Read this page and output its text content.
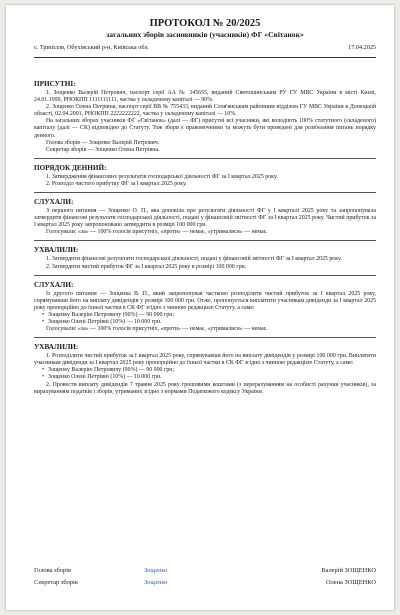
ПРОТОКОЛ № 20/2025
загальних зборів засновників (учасників) ФГ «Світанок»
с. Трипілля, Обухівський р-н, Київська обл.	17.04.2025
ПРИСУТНІ:

1. Зощенко Валерій Петрович, паспорт серії АА № 345655, виданий Святошинським РУ ГУ МВС України в місті Києві, 24.01.1999, РНОКПП 1111111111, частка у складеному капіталі — 90%.

2. Зощенко Олена Петрівна, паспорт серії ВВ № 755433, виданий Слов'янським районним відділом ГУ МВС України в Донецькій області, 02.04.2001, РНОКПП 2222222222, частка у складеному капіталі — 10%.

На загальних зборах учасників ФГ «Світанок» (далі — ФГ) присутні всі учасники, які володіють 100% статутного (складеного) капіталу (далі — СК) відповідно до Статуту. Тож збори є правомочними та можуть бути проведені для розв'язання питань порядку денного.

Голова зборів — Зощенко Валерій Петрович.

Секретар зборів — Зощенко Олена Петрівна.

ПОРЯДОК ДЕННИЙ:

1. Затвердження фінансових результатів господарської діяльності ФГ за I квартал 2025 року.

2. Розподіл чистого прибутку ФГ за I квартал 2025 року.

СЛУХАЛИ:

З першого питання — Зощенко О. П., яка доповіла про результати діяльності ФГ у I кварталі 2025 року та запропонувала затвердити фінансові результати господарської діяльності, подані у фінансовій звітності ФГ за I квартал 2025 року. Чистий прибуток за I квартал 2025 року запропоновано затвердити в розмірі 100 000 грн.

Голосували: «за» — 100% голосів присутніх, «проти» — немає, «утрималися» — немає.

УХВАЛИЛИ:

1. Затвердити фінансові результати господарської діяльності, подані у фінансовій звітності ФГ за I квартал 2025 року.

2. Затвердити чистий прибуток ФГ за I квартал 2025 року в розмірі 100 000 грн.

СЛУХАЛИ:

Із другого питання — Зощенка В. П., який запропонував частково розподілити чистий прибуток за I квартал 2025 року, спрямувавши його на виплату дивідендів у розмірі 100 000 грн. Отже, пропонується виплатити учасникам дивіденди за I квартал 2025 року пропорційно до їхньої частки в СК ФГ згідно з чинною редакцією Статуту, а саме:

• Зощенку Валерію Петровичу (90%) — 90 000 грн;
• Зощенко Олені Петрівні (10%) — 10 000 грн.

Голосували: «за» — 100% голосів присутніх, «проти» — немає, «утрималися» — немає.

УХВАЛИЛИ:

1. Розподілити чистий прибуток за I квартал 2025 року, спрямувавши його на виплату дивідендів у розмірі 100 000 грн. Виплатити учасникам дивіденди за I квартал 2025 року пропорційно до їхньої частки в СК ФГ згідно з чинною редакцією Статуту, а саме:

• Зощенку Валерію Петровичу (90%) — 90 000 грн;
• Зощенко Олені Петрівні (10%) — 10 000 грн.

2. Провести виплату дивідендів 7 травня 2025 року грошовими коштами (з перерахуванням на особисті рахунки учасників), за вирахуванням податків і зборів, утриманих згідно з нормами Податкового кодексу України.

Голова зборів	Зощенко	Валерій ЗОЩЕНКО
Секретар зборів	Зощенко	Олена ЗОЩЕНКО
